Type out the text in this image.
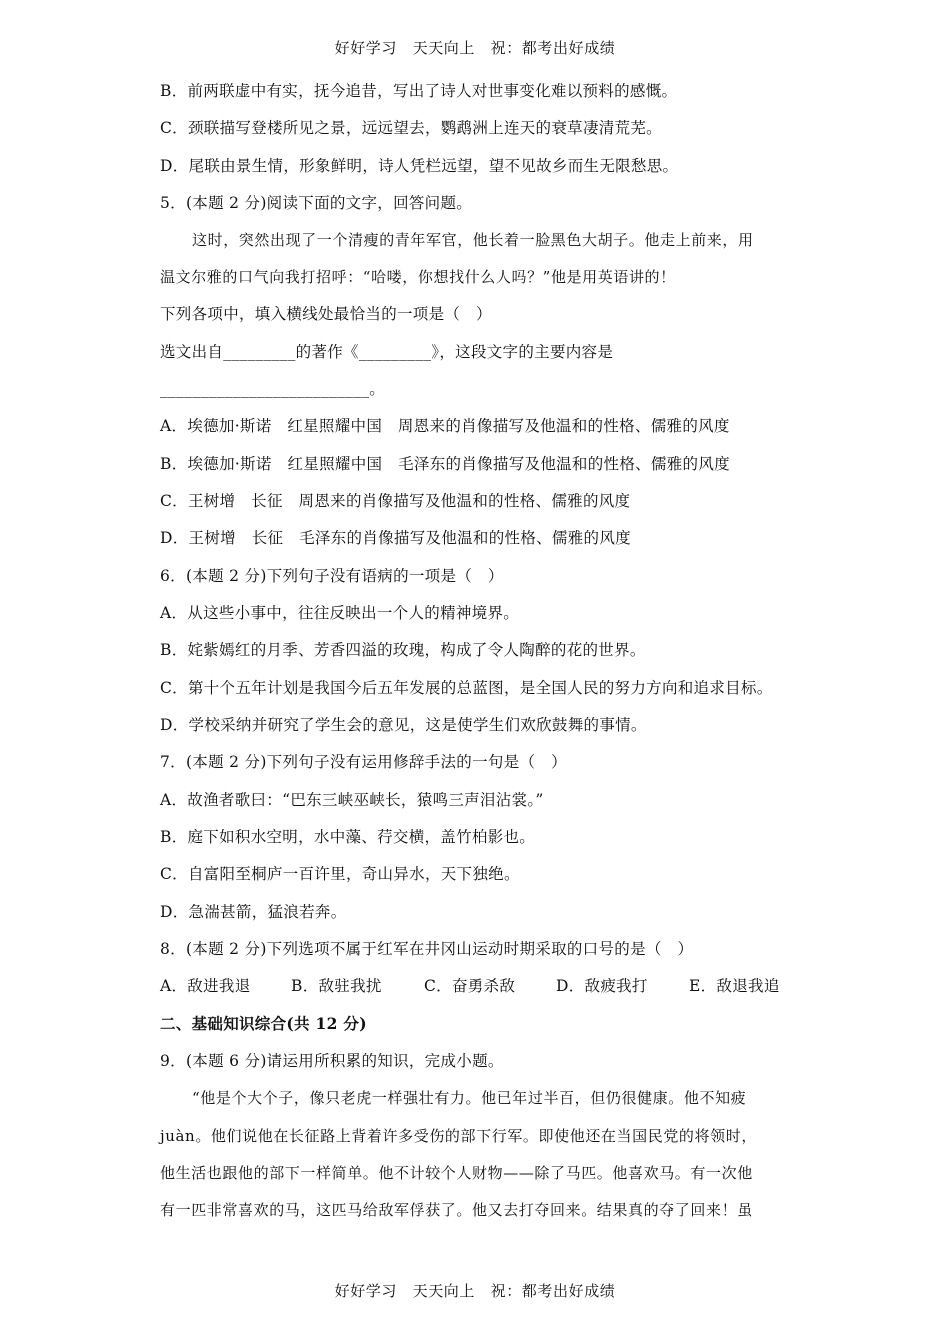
好好学习　天天向上　祝：都考出好成绩
B．前两联虚中有实，抚今追昔，写出了诗人对世事变化难以预料的感慨。
C．颈联描写登楼所见之景，远远望去，鹦鹉洲上连天的衰草凄清荒芜。
D．尾联由景生情，形象鲜明，诗人凭栏远望，望不见故乡而生无限愁思。
5．(本题 2 分)阅读下面的文字，回答问题。
这时，突然出现了一个清瘦的青年军官，他长着一脸黑色大胡子。他走上前来，用
温文尔雅的口气向我打招呼：“哈喽，你想找什么人吗？”他是用英语讲的！
下列各项中，填入横线处最恰当的一项是（　）
选文出自_________的著作《_________》，这段文字的主要内容是
__________________________。
A．埃德加·斯诺　红星照耀中国　周恩来的肖像描写及他温和的性格、儒雅的风度
B．埃德加·斯诺　红星照耀中国　毛泽东的肖像描写及他温和的性格、儒雅的风度
C．王树增　长征　周恩来的肖像描写及他温和的性格、儒雅的风度
D．王树增　长征　毛泽东的肖像描写及他温和的性格、儒雅的风度
6．(本题 2 分)下列句子没有语病的一项是（　）
A．从这些小事中，往往反映出一个人的精神境界。
B．姹紫嫣红的月季、芳香四溢的玫瑰，构成了令人陶醉的花的世界。
C．第十个五年计划是我国今后五年发展的总蓝图，是全国人民的努力方向和追求目标。
D．学校采纳并研究了学生会的意见，这是使学生们欢欣鼓舞的事情。
7．(本题 2 分)下列句子没有运用修辞手法的一句是（　）
A．故渔者歌曰：“巴东三峡巫峡长，猿鸣三声泪沾裳。”
B．庭下如积水空明，水中藻、荇交横，盖竹柏影也。
C．自富阳至桐庐一百许里，奇山异水，天下独绝。
D．急湍甚箭，猛浪若奔。
8．(本题 2 分)下列选项不属于红军在井冈山运动时期采取的口号的是（　）
A．敌进我退	B．敌驻我扰	C．奋勇杀敌	D．敌疲我打	E．敌退我追
二、基础知识综合(共 12 分)
9．(本题 6 分)请运用所积累的知识，完成小题。
“他是个大个子，像只老虎一样强壮有力。他已年过半百，但仍很健康。他不知疲
juàn。他们说他在长征路上背着许多受伤的部下行军。即使他还在当国民党的将领时，
他生活也跟他的部下一样简单。他不计较个人财物——除了马匹。他喜欢马。有一次他
有一匹非常喜欢的马，这匹马给敌军俘获了。他又去打夺回来。结果真的夺了回来！虽
好好学习　天天向上　祝：都考出好成绩
